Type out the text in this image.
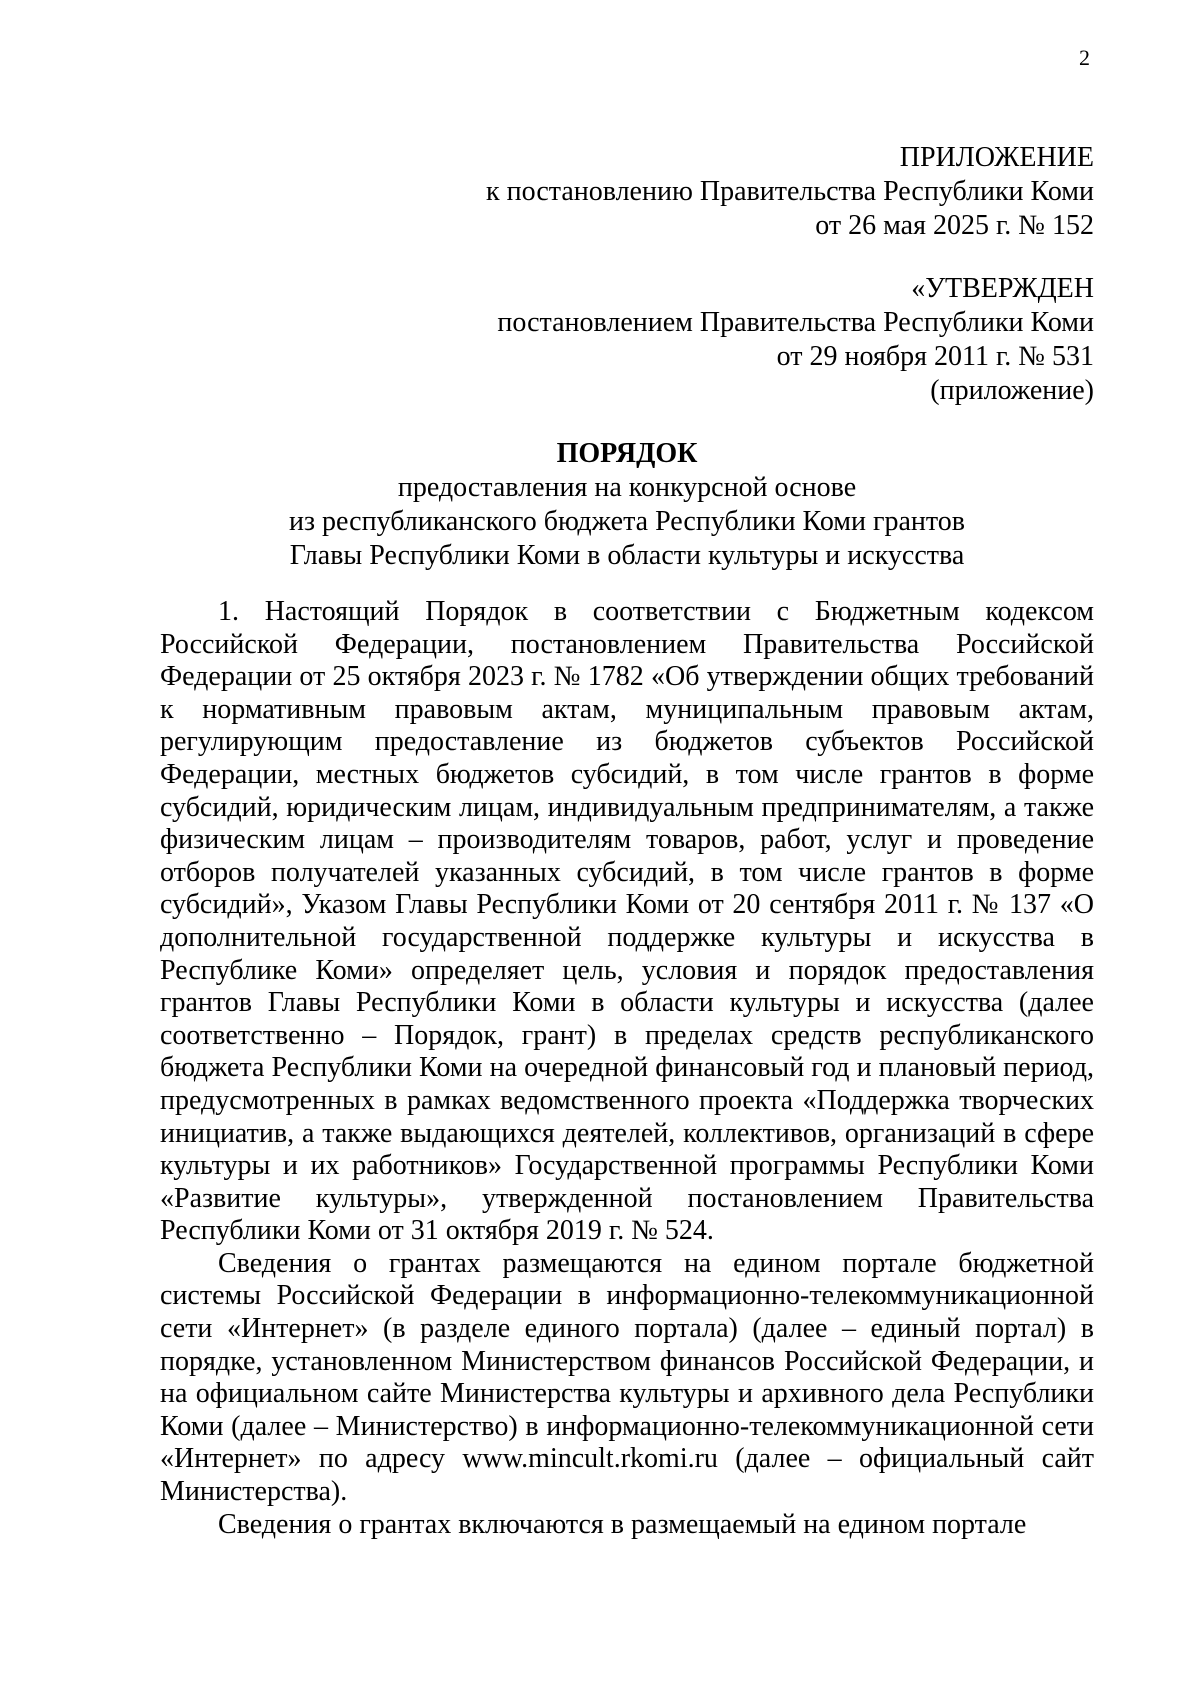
2
ПРИЛОЖЕНИЕ
к постановлению Правительства Республики Коми
от 26 мая 2025 г. № 152
«УТВЕРЖДЕН
постановлением Правительства Республики Коми
от 29 ноября 2011 г. № 531
(приложение)
ПОРЯДОК
предоставления на конкурсной основе
из республиканского бюджета Республики Коми грантов
Главы Республики Коми в области культуры и искусства

1. Настоящий Порядок в соответствии с Бюджетным кодексом Российской Федерации, постановлением Правительства Российской Федерации от 25 октября 2023 г. № 1782 «Об утверждении общих требований к нормативным правовым актам, муниципальным правовым актам, регулирующим предоставление из бюджетов субъектов Российской Федерации, местных бюджетов субсидий, в том числе грантов в форме субсидий, юридическим лицам, индивидуальным предпринимателям, а также физическим лицам – производителям товаров, работ, услуг и проведение отборов получателей указанных субсидий, в том числе грантов в форме субсидий», Указом Главы Республики Коми от 20 сентября 2011 г. № 137 «О дополнительной государственной поддержке культуры и искусства в Республике Коми» определяет цель, условия и порядок предоставления грантов Главы Республики Коми в области культуры и искусства (далее соответственно – Порядок, грант) в пределах средств республиканского бюджета Республики Коми на очередной финансовый год и плановый период, предусмотренных в рамках ведомственного проекта «Поддержка творческих инициатив, а также выдающихся деятелей, коллективов, организаций в сфере культуры и их работников» Государственной программы Республики Коми «Развитие культуры», утвержденной постановлением Правительства Республики Коми от 31 октября 2019 г. № 524.

Сведения о грантах размещаются на едином портале бюджетной системы Российской Федерации в информационно-телекоммуникационной сети «Интернет» (в разделе единого портала) (далее – единый портал) в порядке, установленном Министерством финансов Российской Федерации, и на официальном сайте Министерства культуры и архивного дела Республики Коми (далее – Министерство) в информационно-телекоммуникационной сети «Интернет» по адресу www.mincult.rkomi.ru (далее – официальный сайт Министерства).

Сведения о грантах включаются в размещаемый на едином портале
